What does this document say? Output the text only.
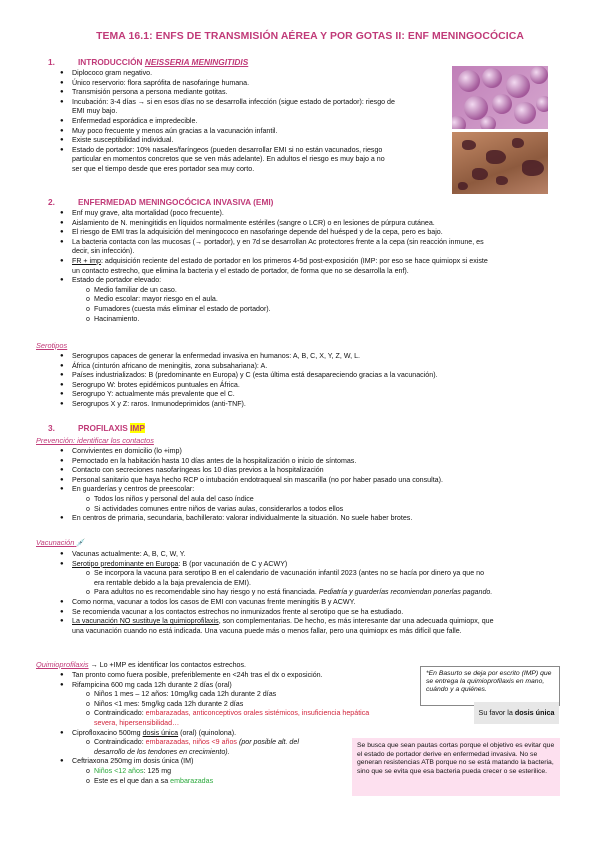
TEMA 16.1: ENFS DE TRANSMISIÓN AÉREA Y POR GOTAS II: ENF MENINGOCÓCICA
1.	INTRODUCCIÓN NEISSERIA MENINGITIDIS
● Diplococo gram negativo.
● Único reservorio: flora saprófita de nasofaringe humana.
● Transmisión persona a persona mediante gotitas.
● Incubación: 3-4 días → si en esos días no se desarrolla infección (sigue estado de portador): riesgo de
EMI muy bajo.
● Enfermedad esporádica e impredecible.
● Muy poco frecuente y menos aún gracias a la vacunación infantil.
● Existe susceptibilidad individual.
● Estado de portador: 10% nasales/faríngeos (pueden desarrollar EMI si no están vacunados, riesgo
particular en momentos concretos que se ven más adelante). En adultos el riesgo es muy bajo a no
ser que el tiempo desde que eres portador sea muy corto.
2.	ENFERMEDAD MENINGOCÓCICA INVASIVA (EMI)
● Enf muy grave, alta mortalidad (poco frecuente).
● Aislamiento de N. meningitidis en líquidos normalmente estériles (sangre o LCR) o en lesiones de púrpura cutánea.
● El riesgo de EMI tras la adquisición del meningococo en nasofaringe depende del huésped y de la cepa, pero es bajo.
● La bacteria contacta con las mucosas (→ portador), y en 7d se desarrollan Ac protectores frente a la cepa (sin reacción inmune, es
decir, sin infección).
● FR + imp: adquisición reciente del estado de portador en los primeros 4-5d post-exposición (IMP: por eso se hace quimiopx si existe
un contacto estrecho, que elimina la bacteria y el estado de portador, de forma que no se desarrolla la enf).
● Estado de portador elevado:
o Medio familiar de un caso.
o Medio escolar: mayor riesgo en el aula.
o Fumadores (cuesta más eliminar el estado de portador).
o Hacinamiento.
Serotipos
● Serogrupos capaces de generar la enfermedad invasiva en humanos: A, B, C, X, Y, Z, W, L.
● África (cinturón africano de meningitis, zona subsahariana): A.
● Países industrializados: B (predominante en Europa) y C (esta última está desapareciendo gracias a la vacunación).
● Serogrupo W: brotes epidémicos puntuales en África.
● Serogrupo Y: actualmente más prevalente que el C.
● Serogrupos X y Z: raros. Inmunodeprimidos (anti-TNF).
3.	PROFILAXIS IMP
Prevención: identificar los contactos
● Convivientes en domicilio (lo +imp)
● Pernoctado en la habitación hasta 10 días antes de la hospitalización o inicio de síntomas.
● Contacto con secreciones nasofaríngeas los 10 días previos a la hospitalización
● Personal sanitario que haya hecho RCP o intubación endotraqueal sin mascarilla (no por haber pasado una consulta).
● En guarderías y centros de preescolar:
o Todos los niños y personal del aula del caso índice
o Si actividades comunes entre niños de varias aulas, considerarlos a todos ellos
● En centros de primaria, secundaria, bachillerato: valorar individualmente la situación. No suele haber brotes.
Vacunación 💉
● Vacunas actualmente: A, B, C, W, Y.
● Serotipo predominante en Europa: B (por vacunación de C y ACWY)
o Se incorpora la vacuna para serotipo B en el calendario de vacunación infantil 2023 (antes no se hacía por dinero ya que no
era rentable debido a la baja prevalencia de EMI).
o Para adultos no es recomendable sino hay riesgo y no está financiada. Pediatría y guarderías recomiendan ponerlas pagando.
● Como norma, vacunar a todos los casos de EMI con vacunas frente meningitis B y ACWY.
● Se recomienda vacunar a los contactos estrechos no inmunizados frente al serotipo que se ha estudiado.
● La vacunación NO sustituye la quimioprofilaxis, son complementarias. De hecho, es más interesante dar una adecuada quimiopx, que
una vacunación cuando no está indicada. Una vacuna puede más o menos fallar, pero una quimiopx es más difícil que falle.
Quimioprofilaxis → Lo +IMP es identificar los contactos estrechos.
● Tan pronto como fuera posible, preferiblemente en <24h tras el dx o exposición.
● Rifampicina 600 mg cada 12h durante 2 días (oral)
o Niños 1 mes – 12 años: 10mg/kg cada 12h durante 2 días
o Niños <1 mes: 5mg/kg cada 12h durante 2 días
o Contraindicado: embarazadas, anticonceptivos orales sistémicos, insuficiencia hepática
severa, hipersensibilidad…
● Ciprofloxacino 500mg dosis única (oral) (quinolona).
o Contraindicado: embarazadas, niños <9 años (por posible alt. del
desarrollo de los tendones en crecimiento).
● Ceftriaxona 250mg im dosis única (IM)
o Niños <12 años: 125 mg
o Este es el que dan a sa embarazadas
*En Basurto se deja por escrito (IMP) que se entrega la quimioprofilaxis en mano, cuándo y a quiénes.
Su favor la dosis única
Se busca que sean pautas cortas porque el objetivo es evitar que el estado de portador derive en enfermedad invasiva. No se generan resistencias ATB porque no se está matando la bacteria, sino que se evita que esa bacteria pueda crecer o se esterilice.
